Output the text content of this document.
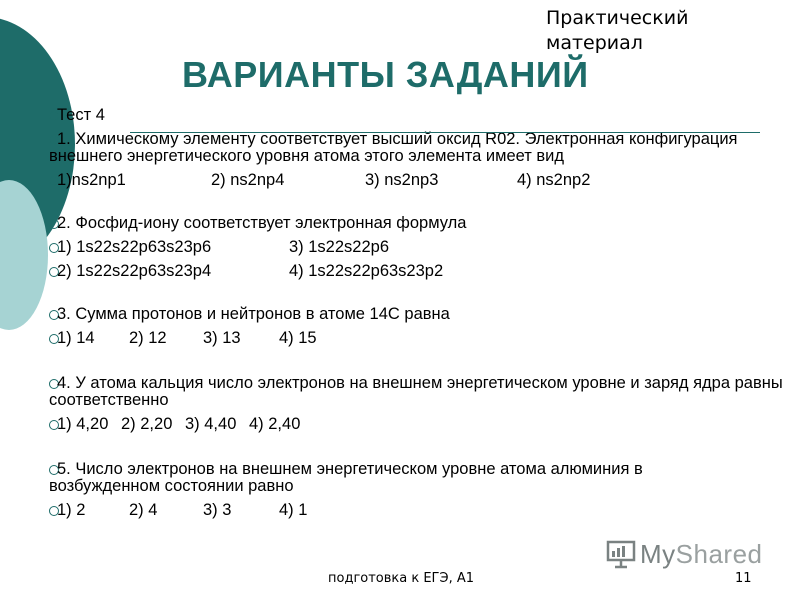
Практический
материал
ВАРИАНТЫ ЗАДАНИЙ
Тест 4
1. Химическому элементу соответствует высший оксид R02. Электронная конфигурация внешнего энергетического уровня атома этого элемента имеет вид
1)ns2np1	2) ns2np4	3) ns2np3	4) ns2np2
2. Фосфид-иону соответствует электронная формула
1) 1s22s22p63s23p6	3) 1s22s22p6
2) 1s22s22p63s23p4	4) 1s22s22p63s23p2
3. Сумма протонов и нейтронов в атоме 14С равна
1) 14 2) 12 3) 13 4) 15
4. У атома кальция число электронов на внешнем энергетическом уровне и заряд ядра равны соответственно
1) 4,20 2) 2,20 3) 4,40 4) 2,40
5. Число электронов на внешнем энергетическом уровне атома алюминия в возбужденном состоянии равно
1) 2	2) 4	3) 3	4) 1
MyShared
подготовка к ЕГЭ, А1	11
